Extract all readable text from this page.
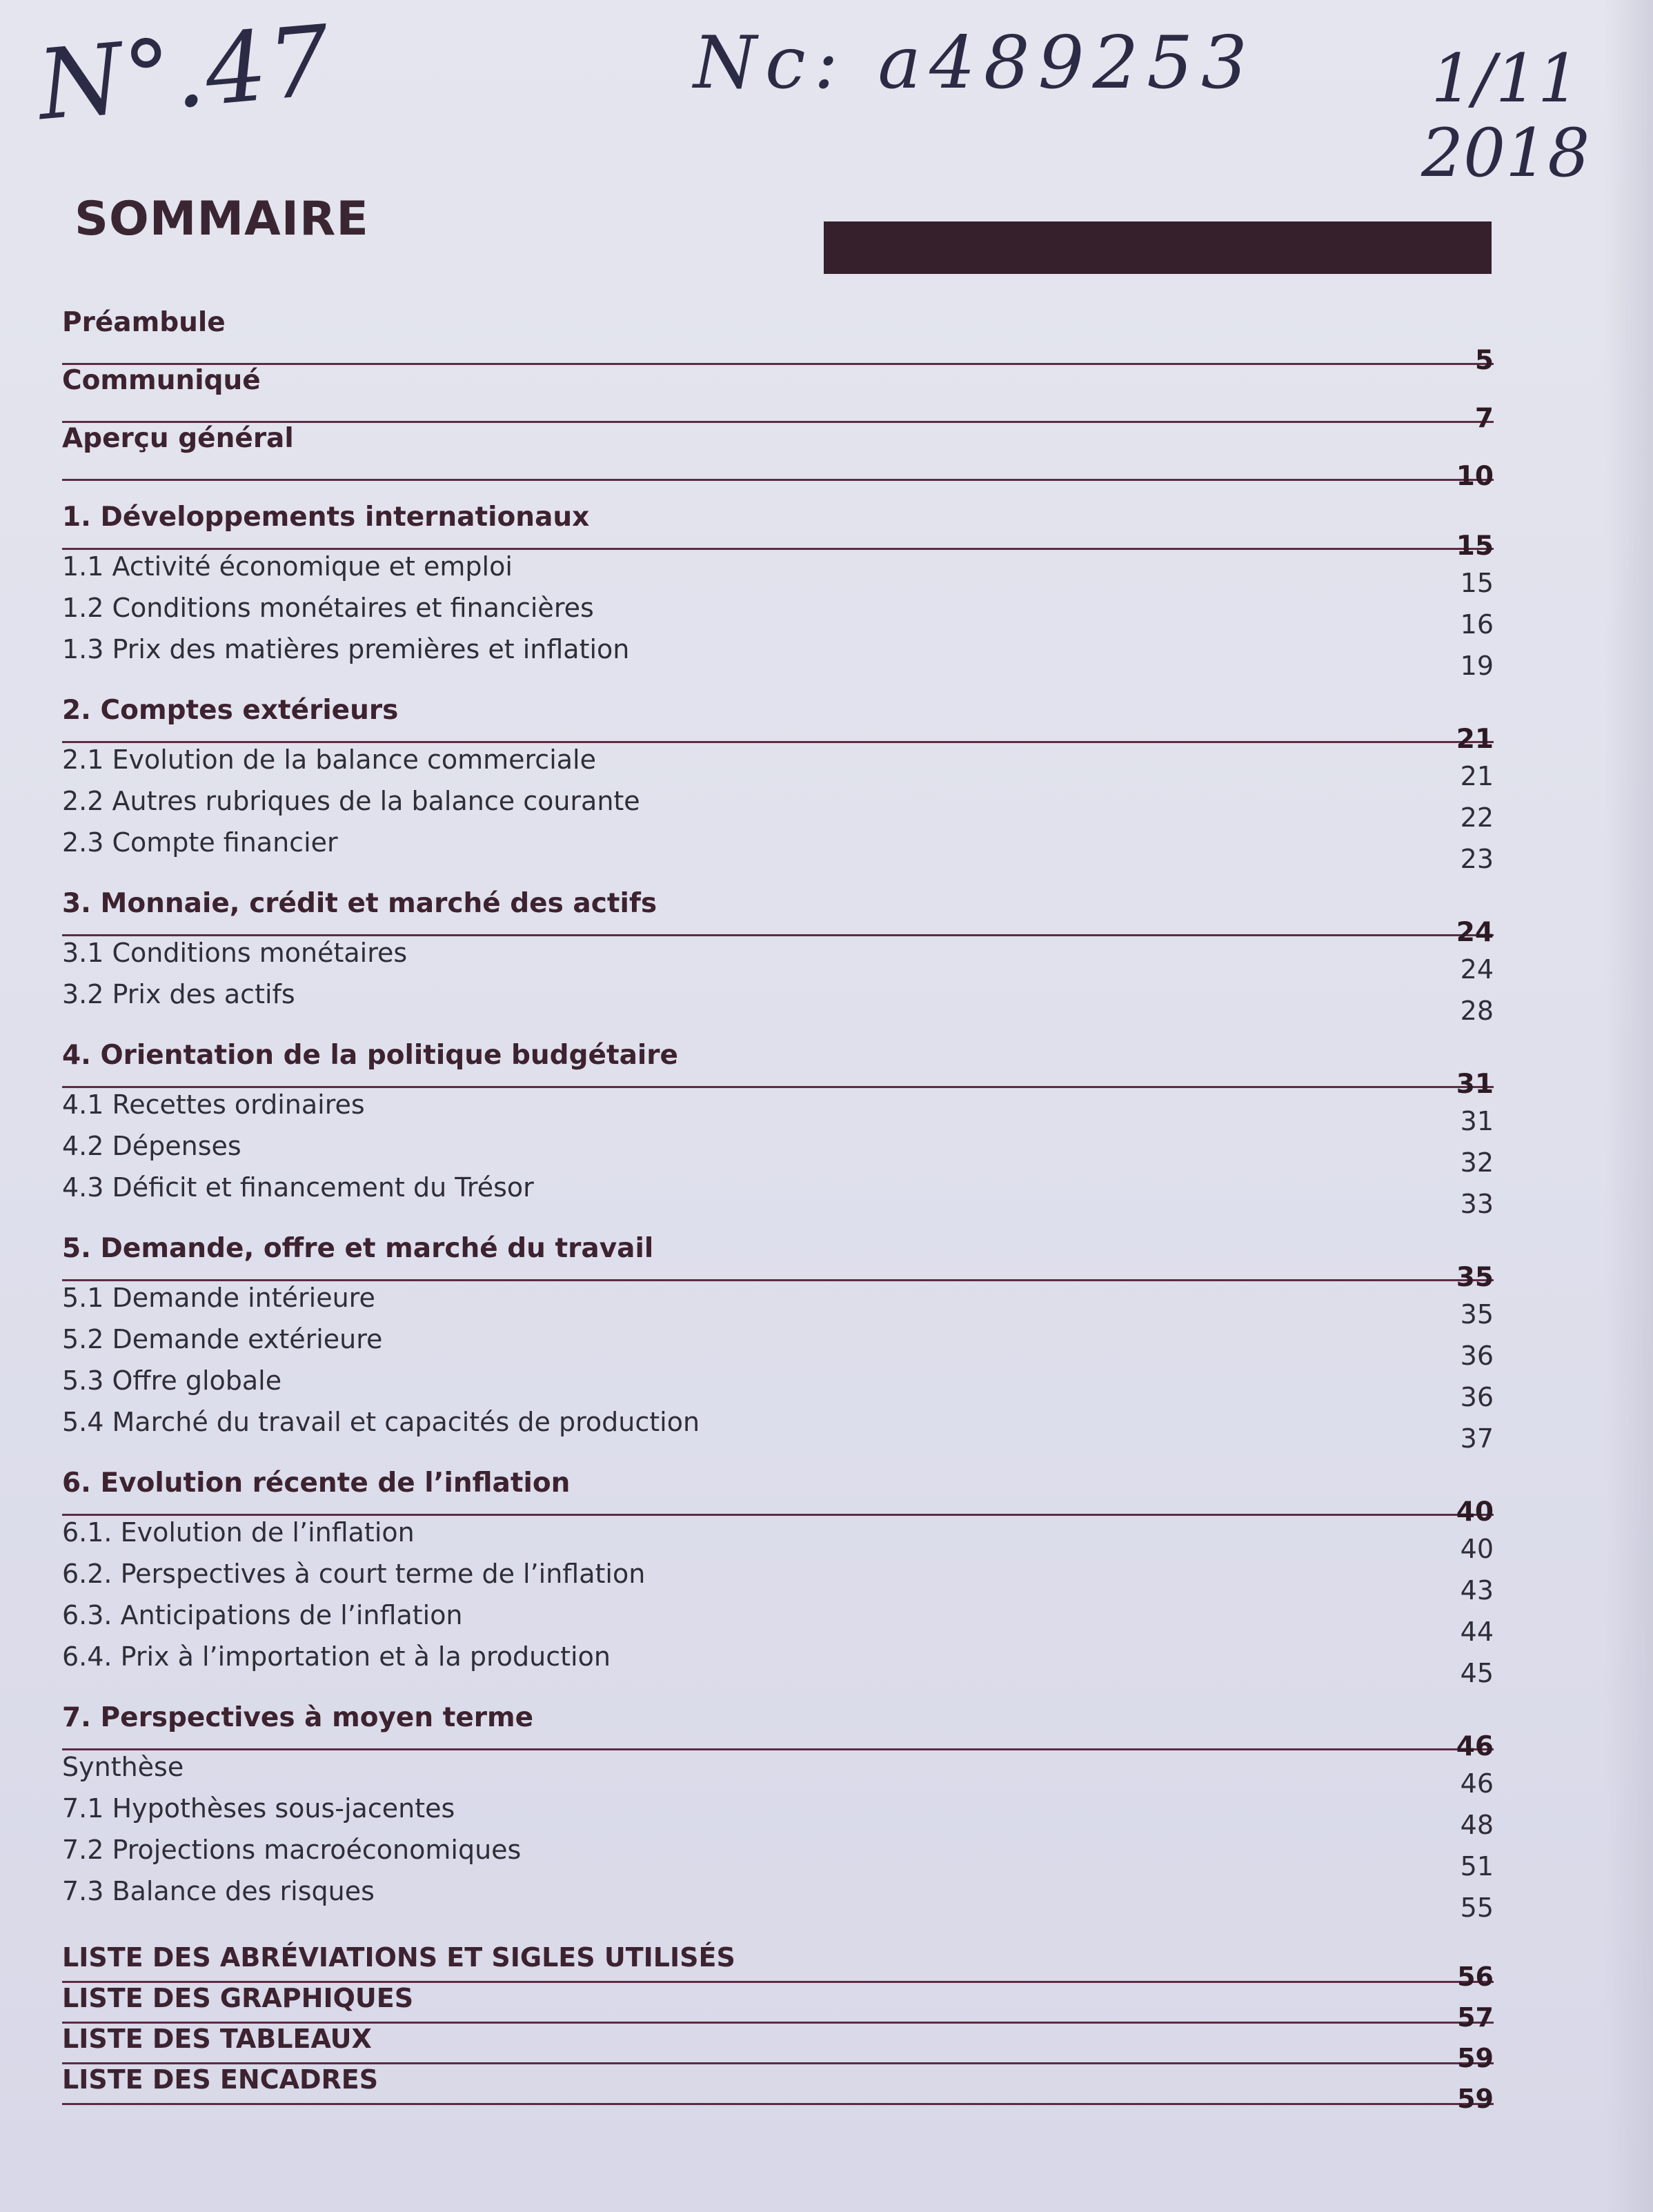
N°.47	Nc: a489253	1/11
2018
SOMMAIRE
Préambule
5
Communiqué
7
Aperçu général
10
1. Développements internationaux
15
1.1 Activité économique et emploi
15
1.2 Conditions monétaires et financières
16
1.3 Prix des matières premières et inflation
19
2. Comptes extérieurs
21
2.1 Evolution de la balance commerciale
21
2.2 Autres rubriques de la balance courante
22
2.3 Compte financier
23
3. Monnaie, crédit et marché des actifs
24
3.1 Conditions monétaires
24
3.2 Prix des actifs
28
4. Orientation de la politique budgétaire
31
4.1 Recettes ordinaires
31
4.2 Dépenses
32
4.3 Déficit et financement du Trésor
33
5. Demande, offre et marché du travail
35
5.1 Demande intérieure
35
5.2 Demande extérieure
36
5.3 Offre globale
36
5.4 Marché du travail et capacités de production
37
6. Evolution récente de l’inflation
40
6.1. Evolution de l’inflation
40
6.2. Perspectives à court terme de l’inflation
43
6.3. Anticipations de l’inflation
44
6.4. Prix à l’importation et à la production
45
7. Perspectives à moyen terme
46
Synthèse
46
7.1 Hypothèses sous-jacentes
48
7.2 Projections macroéconomiques
51
7.3 Balance des risques
55
LISTE DES ABRÉVIATIONS ET SIGLES UTILISÉS
56
LISTE DES GRAPHIQUES
57
LISTE DES TABLEAUX
59
LISTE DES ENCADRES
59
